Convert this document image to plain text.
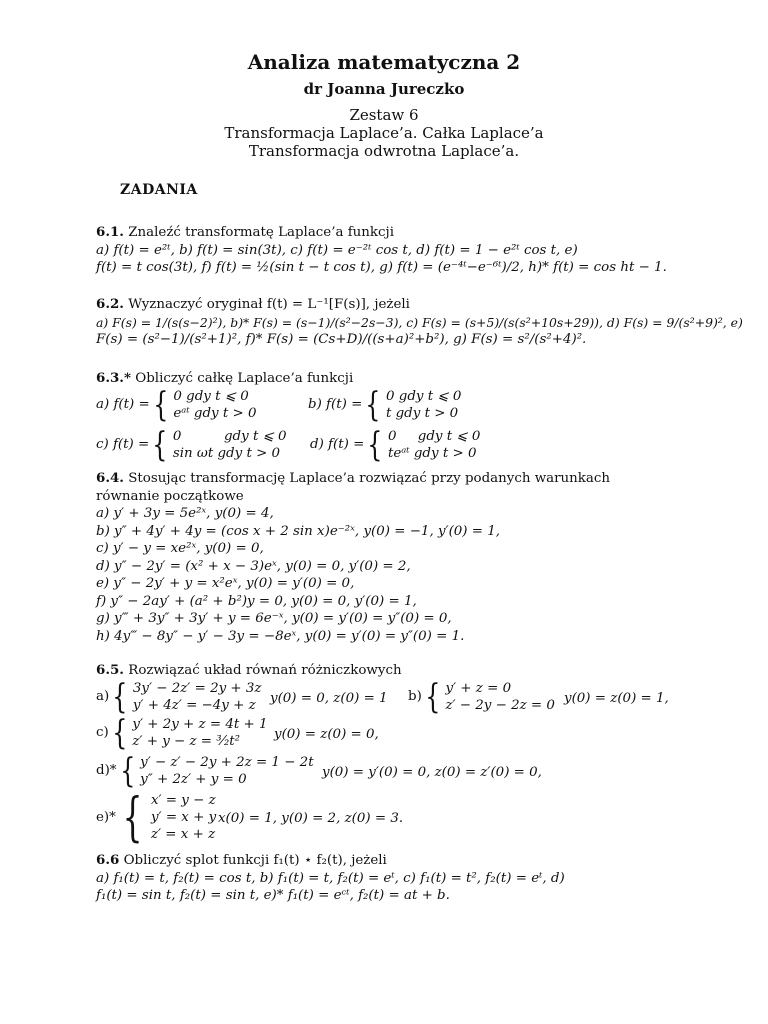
Analiza matematyczna 2
dr Joanna Jureczko
Zestaw 6
Transformacja Laplace’a. Całka Laplace’a
Transformacja odwrotna Laplace’a.
ZADANIA
6.1. Znaleźć transformatę Laplace’a funkcji
a) f(t) = e²ᵗ, b) f(t) = sin(3t), c) f(t) = e⁻²ᵗ cos t, d) f(t) = 1 − e²ᵗ cos t, e)
f(t) = t cos(3t), f) f(t) = ½(sin t − t cos t), g) f(t) = (e⁻⁴ᵗ−e⁻⁶ᵗ)/2, h)* f(t) = cos ht − 1.
6.2. Wyznaczyć oryginał f(t) = L⁻¹[F(s)], jeżeli
a) F(s) = 1/(s(s−2)²), b)* F(s) = (s−1)/(s²−2s−3), c) F(s) = (s+5)/(s(s²+10s+29)), d) F(s) = 9/(s²+9)², e)
F(s) = (s²−1)/(s²+1)², f)* F(s) = (Cs+D)/((s+a)²+b²), g) F(s) = s²/(s²+4)².
6.3.* Obliczyć całkę Laplace’a funkcji
a) f(t) = { 0 gdy t ⩽ 0
eᵃᵗ gdy t > 0
b) f(t) = { 0 gdy t ⩽ 0
t gdy t > 0
c) f(t) = { 0          gdy t ⩽ 0
sin ωt gdy t > 0
d) f(t) = { 0     gdy t ⩽ 0
teᵃᵗ gdy t > 0
6.4. Stosując transformację Laplace’a rozwiązać przy podanych warunkach równanie początkowe
a) y′ + 3y = 5e²ˣ, y(0) = 4,
b) y″ + 4y′ + 4y = (cos x + 2 sin x)e⁻²ˣ, y(0) = −1, y′(0) = 1,
c) y′ − y = xe²ˣ, y(0) = 0,
d) y″ − 2y′ = (x² + x − 3)eˣ, y(0) = 0, y′(0) = 2,
e) y″ − 2y′ + y = x²eˣ, y(0) = y′(0) = 0,
f) y″ − 2ay′ + (a² + b²)y = 0, y(0) = 0, y′(0) = 1,
g) y‴ + 3y″ + 3y′ + y = 6e⁻ˣ, y(0) = y′(0) = y″(0) = 0,
h) 4y‴ − 8y″ − y′ − 3y = −8eˣ, y(0) = y′(0) = y″(0) = 1.
6.5. Rozwiązać układ równań różniczkowych
a) { 3y′ − 2z′ = 2y + 3z
y′ + 4z′ = −4y + z	y(0) = 0, z(0) = 1 b) { y′ + z = 0
z′ − 2y − 2z = 0 y(0) = z(0) = 1,
c) { y′ + 2y + z = 4t + 1
z′ + y − z = ³⁄₂t²	y(0) = z(0) = 0,
d)* { y′ − z′ − 2y + 2z = 1 − 2t
y″ + 2z′ + y = 0	y(0) = y′(0) = 0, z(0) = z′(0) = 0,
e)* { x′ = y − z
y′ = x + y
z′ = x + z
x(0) = 1, y(0) = 2, z(0) = 3.
6.6 Obliczyć splot funkcji f₁(t) ⋆ f₂(t), jeżeli
a) f₁(t) = t, f₂(t) = cos t, b) f₁(t) = t, f₂(t) = eᵗ, c) f₁(t) = t², f₂(t) = eᵗ, d)
f₁(t) = sin t, f₂(t) = sin t, e)* f₁(t) = eᶜᵗ, f₂(t) = at + b.
